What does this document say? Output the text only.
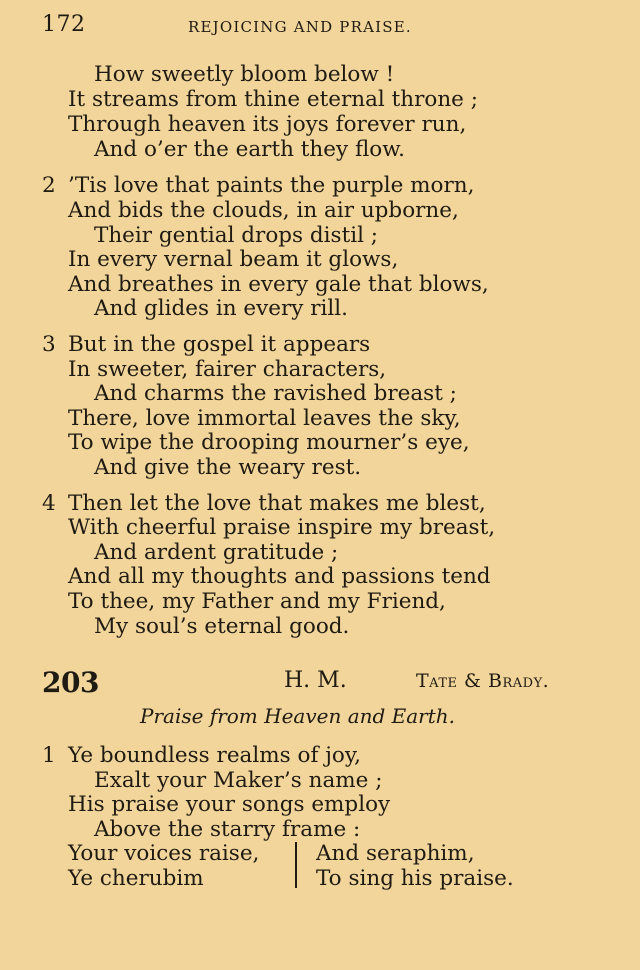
172	REJOICING AND PRAISE.
How sweetly bloom below !
It streams from thine eternal throne ;
Through heaven its joys forever run,
And o’er the earth they flow.
2 ’Tis love that paints the purple morn,
And bids the clouds, in air upborne,
Their gential drops distil ;
In every vernal beam it glows,
And breathes in every gale that blows,
And glides in every rill.
3 But in the gospel it appears
In sweeter, fairer characters,
And charms the ravished breast ;
There, love immortal leaves the sky,
To wipe the drooping mourner’s eye,
And give the weary rest.
4 Then let the love that makes me blest,
With cheerful praise inspire my breast,
And ardent gratitude ;
And all my thoughts and passions tend
To thee, my Father and my Friend,
My soul’s eternal good.
203	H. M.	Tate & Brady.
Praise from Heaven and Earth.
1 Ye boundless realms of joy,
Exalt your Maker’s name ;
His praise your songs employ
Above the starry frame :
Your voices raise,	And seraphim,
Ye cherubim	To sing his praise.
